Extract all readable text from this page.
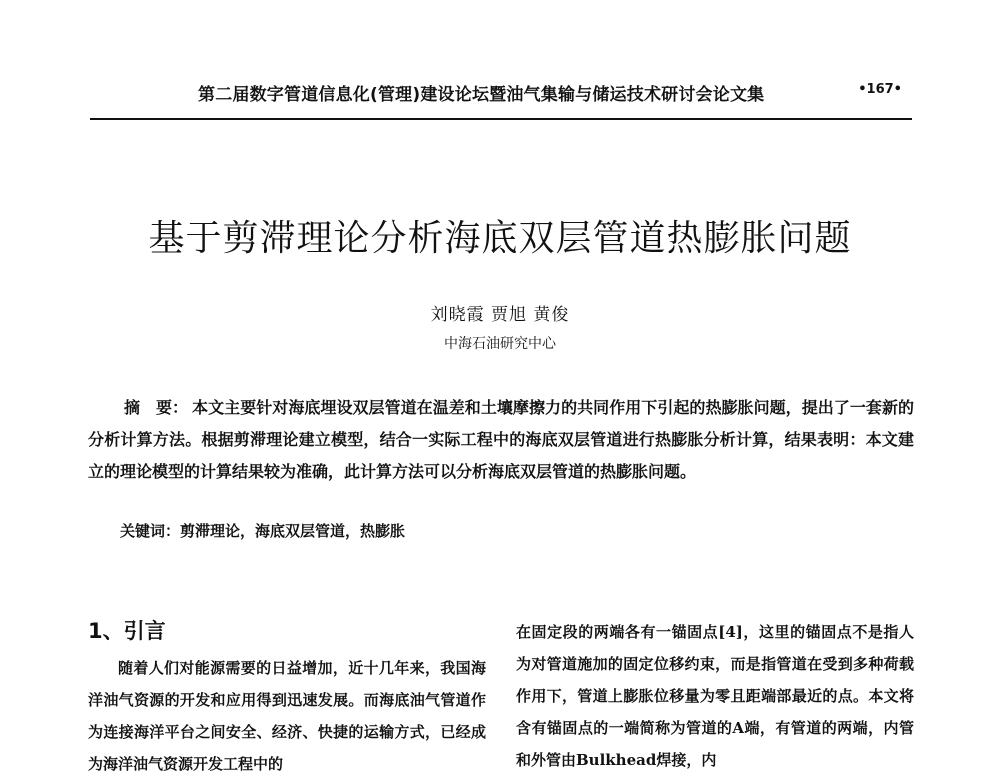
第二届数字管道信息化(管理)建设论坛暨油气集输与储运技术研讨会论文集	•167•
基于剪滞理论分析海底双层管道热膨胀问题
刘晓霞 贾旭 黄俊
中海石油研究中心
摘　要： 本文主要针对海底埋设双层管道在温差和土壤摩擦力的共同作用下引起的热膨胀问题，提出了一套新的分析计算方法。根据剪滞理论建立模型，结合一实际工程中的海底双层管道进行热膨胀分析计算，结果表明：本文建立的理论模型的计算结果较为准确，此计算方法可以分析海底双层管道的热膨胀问题。
关键词：剪滞理论，海底双层管道，热膨胀
1、引言

随着人们对能源需要的日益增加，近十几年来，我国海洋油气资源的开发和应用得到迅速发展。而海底油气管道作为连接海洋平台之间安全、经济、快捷的运输方式，已经成为海洋油气资源开发工程中的

在固定段的两端各有一锚固点[4]，这里的锚固点不是指人为对管道施加的固定位移约束，而是指管道在受到多种荷载作用下，管道上膨胀位移量为零且距端部最近的点。本文将含有锚固点的一端简称为管道的A端，有管道的两端，内管和外管由Bulkhead焊接，内
